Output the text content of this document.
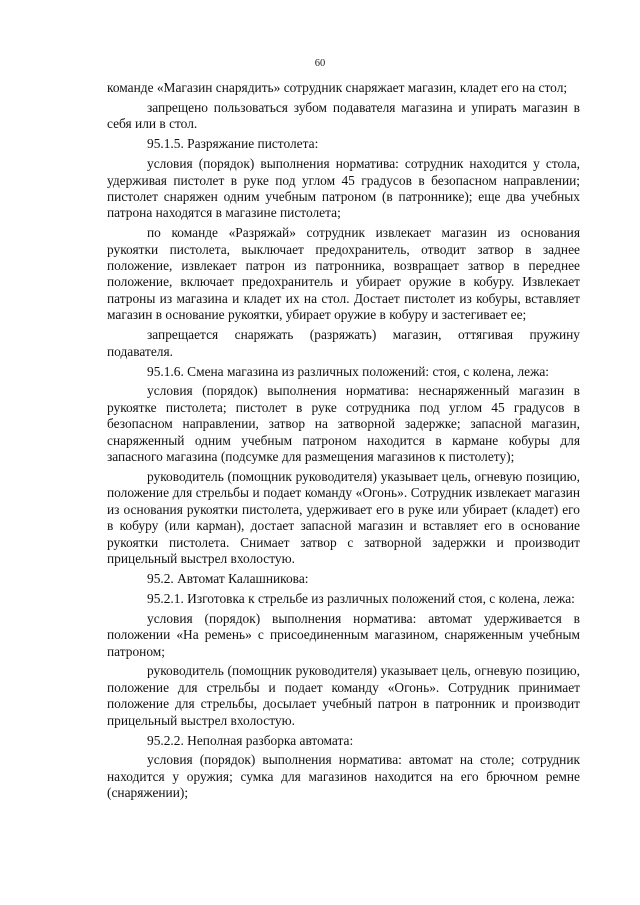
60

команде «Магазин снарядить» сотрудник снаряжает магазин, кладет его на стол;

запрещено пользоваться зубом подавателя магазина и упирать магазин в себя или в стол.

95.1.5. Разряжание пистолета:

условия (порядок) выполнения норматива: сотрудник находится у стола, удерживая пистолет в руке под углом 45 градусов в безопасном направлении; пистолет снаряжен одним учебным патроном (в патроннике); еще два учебных патрона находятся в магазине пистолета;

по команде «Разряжай» сотрудник извлекает магазин из основания рукоятки пистолета, выключает предохранитель, отводит затвор в заднее положение, извлекает патрон из патронника, возвращает затвор в переднее положение, включает предохранитель и убирает оружие в кобуру. Извлекает патроны из магазина и кладет их на стол. Достает пистолет из кобуры, вставляет магазин в основание рукоятки, убирает оружие в кобуру и застегивает ее;

запрещается снаряжать (разряжать) магазин, оттягивая пружину подавателя.

95.1.6. Смена магазина из различных положений: стоя, с колена, лежа:

условия (порядок) выполнения норматива: неснаряженный магазин в рукоятке пистолета; пистолет в руке сотрудника под углом 45 градусов в безопасном направлении, затвор на затворной задержке; запасной магазин, снаряженный одним учебным патроном находится в кармане кобуры для запасного магазина (подсумке для размещения магазинов к пистолету);

руководитель (помощник руководителя) указывает цель, огневую позицию, положение для стрельбы и подает команду «Огонь». Сотрудник извлекает магазин из основания рукоятки пистолета, удерживает его в руке или убирает (кладет) его в кобуру (или карман), достает запасной магазин и вставляет его в основание рукоятки пистолета. Снимает затвор с затворной задержки и производит прицельный выстрел вхолостую.

95.2. Автомат Калашникова:

95.2.1. Изготовка к стрельбе из различных положений стоя, с колена, лежа:

условия (порядок) выполнения норматива: автомат удерживается в положении «На ремень» с присоединенным магазином, снаряженным учебным патроном;

руководитель (помощник руководителя) указывает цель, огневую позицию, положение для стрельбы и подает команду «Огонь». Сотрудник принимает положение для стрельбы, досылает учебный патрон в патронник и производит прицельный выстрел вхолостую.

95.2.2. Неполная разборка автомата:

условия (порядок) выполнения норматива: автомат на столе; сотрудник находится у оружия; сумка для магазинов находится на его брючном ремне (снаряжении);
